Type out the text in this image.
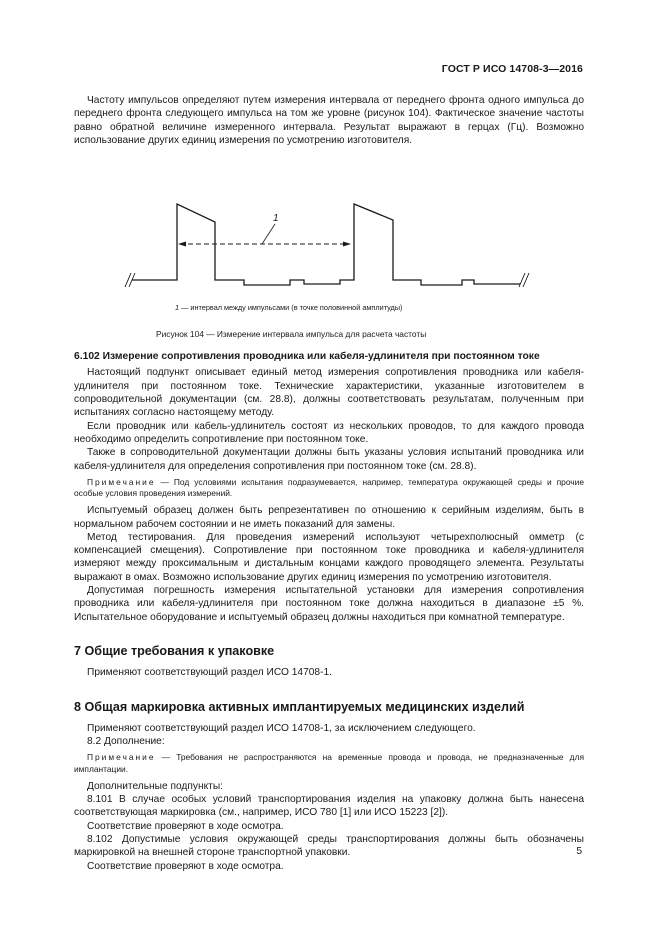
ГОСТ Р ИСО 14708-3—2016

Частоту импульсов определяют путем измерения интервала от переднего фронта одного импульса до переднего фронта следующего импульса на том же уровне (рисунок 104). Фактическое значение частоты равно обратной величине измеренного интервала. Результат выражают в герцах (Гц). Возможно использование других единиц измерения по усмотрению изготовителя.

1
1 — интервал между импульсами (в точке половинной амплитуды)
Рисунок 104 — Измерение интервала импульса для расчета частоты
6.102 Измерение сопротивления проводника или кабеля-удлинителя при постоянном токе

Настоящий подпункт описывает единый метод измерения сопротивления проводника или кабеля-удлинителя при постоянном токе. Технические характеристики, указанные изготовителем в сопроводительной документации (см. 28.8), должны соответствовать результатам, полученным при испытаниях согласно настоящему методу.

Если проводник или кабель-удлинитель состоят из нескольких проводов, то для каждого провода необходимо определить сопротивление при постоянном токе.

Также в сопроводительной документации должны быть указаны условия испытаний проводника или кабеля-удлинителя для определения сопротивления при постоянном токе (см. 28.8).

Примечание — Под условиями испытания подразумевается, например, температура окружающей среды и прочие особые условия проведения измерений.

Испытуемый образец должен быть репрезентативен по отношению к серийным изделиям, быть в нормальном рабочем состоянии и не иметь показаний для замены.

Метод тестирования. Для проведения измерений используют четырехполюсный омметр (с компенсацией смещения). Сопротивление при постоянном токе проводника и кабеля-удлинителя измеряют между проксимальным и дистальным концами каждого проводящего элемента. Результаты выражают в омах. Возможно использование других единиц измерения по усмотрению изготовителя.

Допустимая погрешность измерения испытательной установки для измерения сопротивления проводника или кабеля-удлинителя при постоянном токе должна находиться в диапазоне ±5 %. Испытательное оборудование и испытуемый образец должны находиться при комнатной температуре.

7 Общие требования к упаковке

Применяют соответствующий раздел ИСО 14708-1.

8 Общая маркировка активных имплантируемых медицинских изделий

Применяют соответствующий раздел ИСО 14708-1, за исключением следующего.

8.2 Дополнение:

Примечание — Требования не распространяются на временные провода и провода, не предназначенные для имплантации.

Дополнительные подпункты:

8.101 В случае особых условий транспортирования изделия на упаковку должна быть нанесена соответствующая маркировка (см., например, ИСО 780 [1] или ИСО 15223 [2]).

Соответствие проверяют в ходе осмотра.

8.102 Допустимые условия окружающей среды транспортирования должны быть обозначены маркировкой на внешней стороне транспортной упаковки.

Соответствие проверяют в ходе осмотра.

5
